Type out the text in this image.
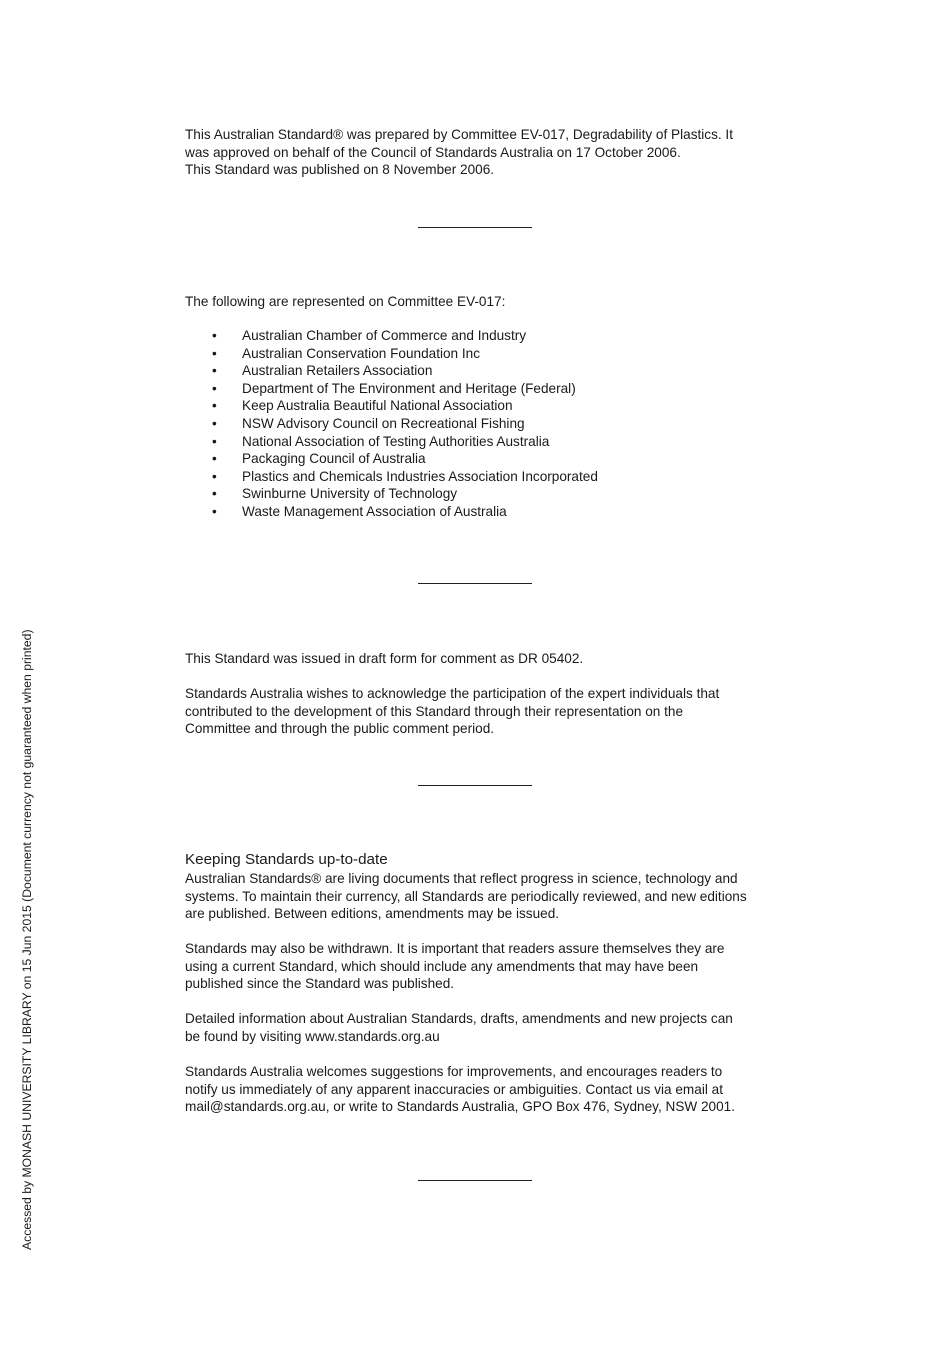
This Australian Standard® was prepared by Committee EV-017, Degradability of Plastics. It
was approved on behalf of the Council of Standards Australia on 17 October 2006.
This Standard was published on 8 November 2006.
The following are represented on Committee EV-017:
• Australian Chamber of Commerce and Industry
• Australian Conservation Foundation Inc
• Australian Retailers Association
• Department of The Environment and Heritage (Federal)
• Keep Australia Beautiful National Association
• NSW Advisory Council on Recreational Fishing
• National Association of Testing Authorities Australia
• Packaging Council of Australia
• Plastics and Chemicals Industries Association Incorporated
• Swinburne University of Technology
• Waste Management Association of Australia
This Standard was issued in draft form for comment as DR 05402.
Standards Australia wishes to acknowledge the participation of the expert individuals that
contributed to the development of this Standard through their representation on the
Committee and through the public comment period.
Keeping Standards up-to-date
Australian Standards® are living documents that reflect progress in science, technology and
systems. To maintain their currency, all Standards are periodically reviewed, and new editions
are published. Between editions, amendments may be issued.
Standards may also be withdrawn. It is important that readers assure themselves they are
using a current Standard, which should include any amendments that may have been
published since the Standard was published.
Detailed information about Australian Standards, drafts, amendments and new projects can
be found by visiting www.standards.org.au
Standards Australia welcomes suggestions for improvements, and encourages readers to
notify us immediately of any apparent inaccuracies or ambiguities. Contact us via email at
mail@standards.org.au, or write to Standards Australia, GPO Box 476, Sydney, NSW 2001.
Accessed by MONASH UNIVERSITY LIBRARY on 15 Jun 2015 (Document currency not guaranteed when printed)
